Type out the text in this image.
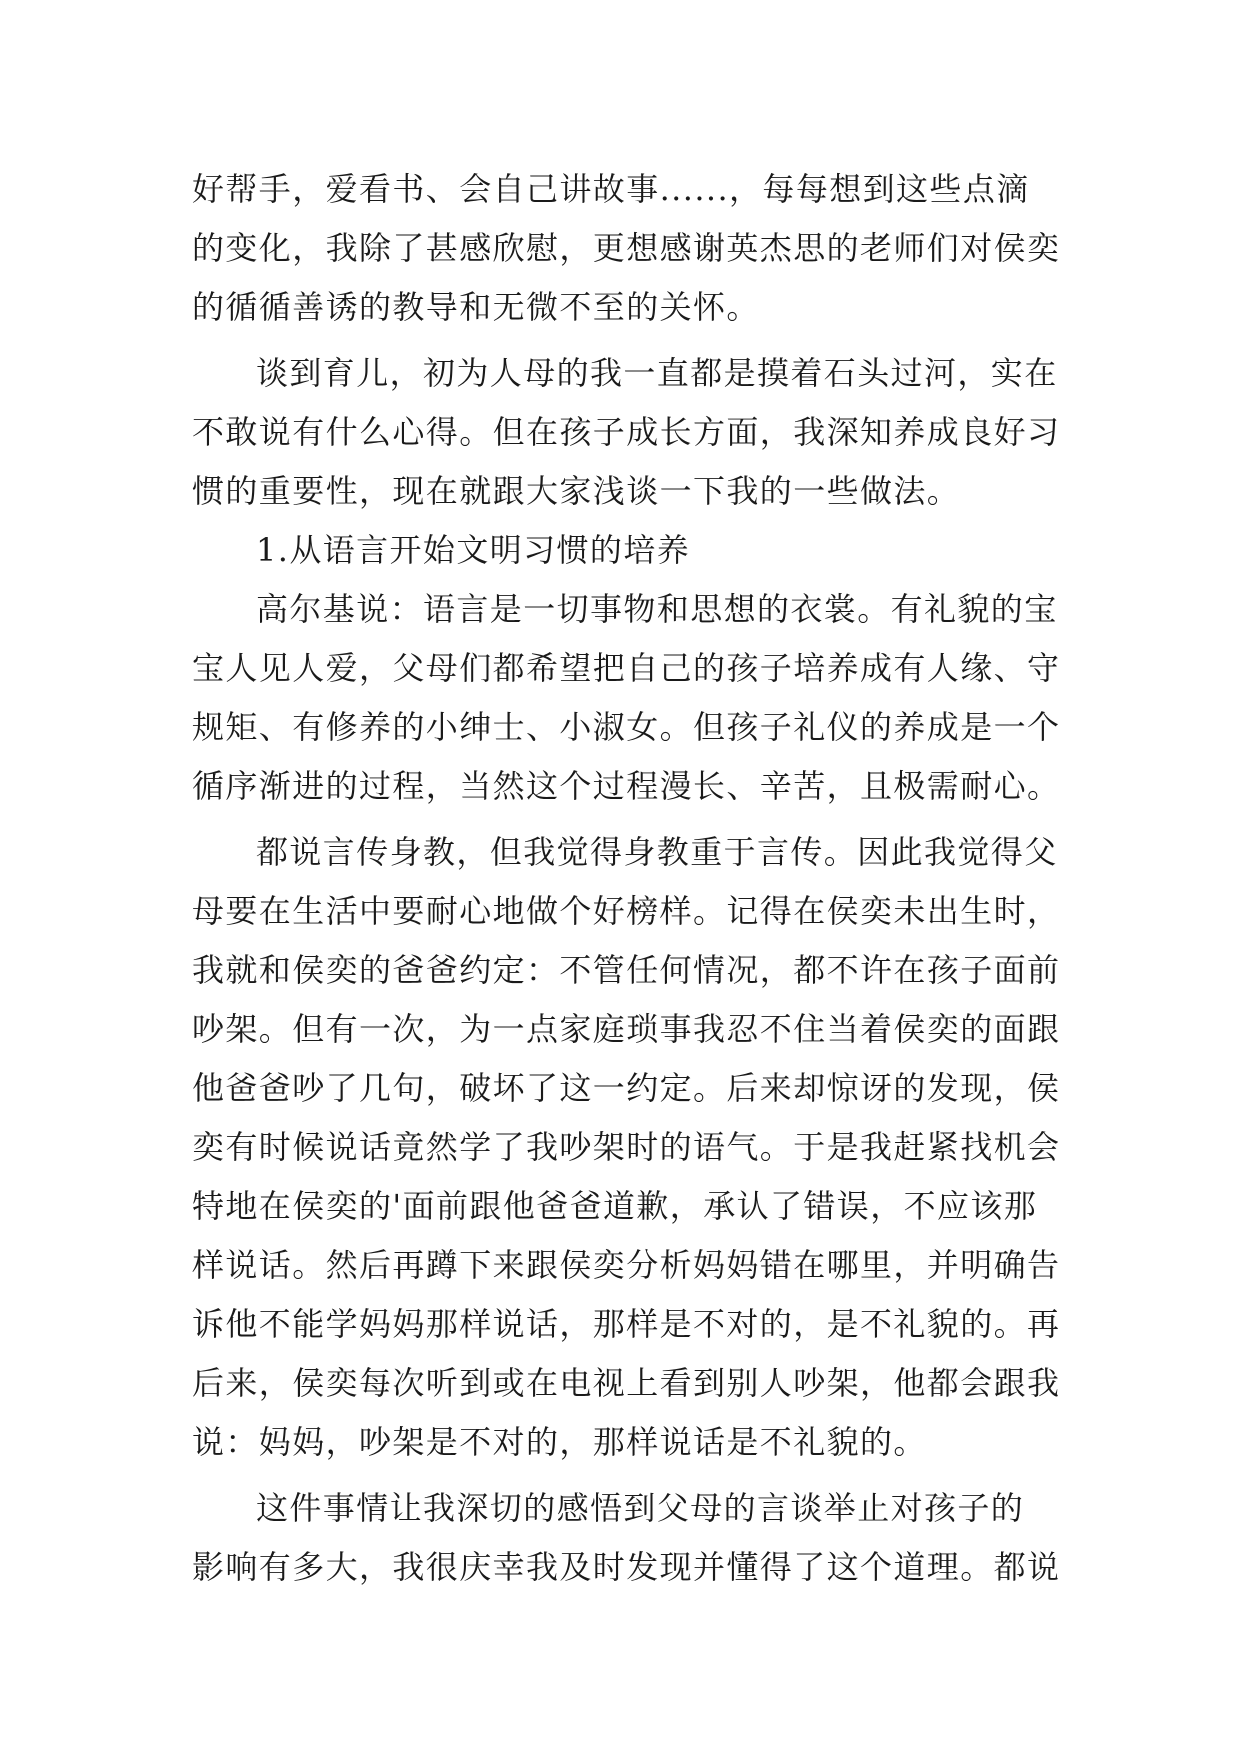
好帮手，爱看书、会自己讲故事......，每每想到这些点滴
的变化，我除了甚感欣慰，更想感谢英杰思的老师们对侯奕
的循循善诱的教导和无微不至的关怀。
谈到育儿，初为人母的我一直都是摸着石头过河，实在
不敢说有什么心得。但在孩子成长方面，我深知养成良好习
惯的重要性，现在就跟大家浅谈一下我的一些做法。
1.从语言开始文明习惯的培养
高尔基说：语言是一切事物和思想的衣裳。有礼貌的宝
宝人见人爱，父母们都希望把自己的孩子培养成有人缘、守
规矩、有修养的小绅士、小淑女。但孩子礼仪的养成是一个
循序渐进的过程，当然这个过程漫长、辛苦，且极需耐心。
都说言传身教，但我觉得身教重于言传。因此我觉得父
母要在生活中要耐心地做个好榜样。记得在侯奕未出生时，
我就和侯奕的爸爸约定：不管任何情况，都不许在孩子面前
吵架。但有一次，为一点家庭琐事我忍不住当着侯奕的面跟
他爸爸吵了几句，破坏了这一约定。后来却惊讶的发现，侯
奕有时候说话竟然学了我吵架时的语气。于是我赶紧找机会
特地在侯奕的'面前跟他爸爸道歉，承认了错误，不应该那
样说话。然后再蹲下来跟侯奕分析妈妈错在哪里，并明确告
诉他不能学妈妈那样说话，那样是不对的，是不礼貌的。再
后来，侯奕每次听到或在电视上看到别人吵架，他都会跟我
说：妈妈，吵架是不对的，那样说话是不礼貌的。
这件事情让我深切的感悟到父母的言谈举止对孩子的
影响有多大，我很庆幸我及时发现并懂得了这个道理。都说
